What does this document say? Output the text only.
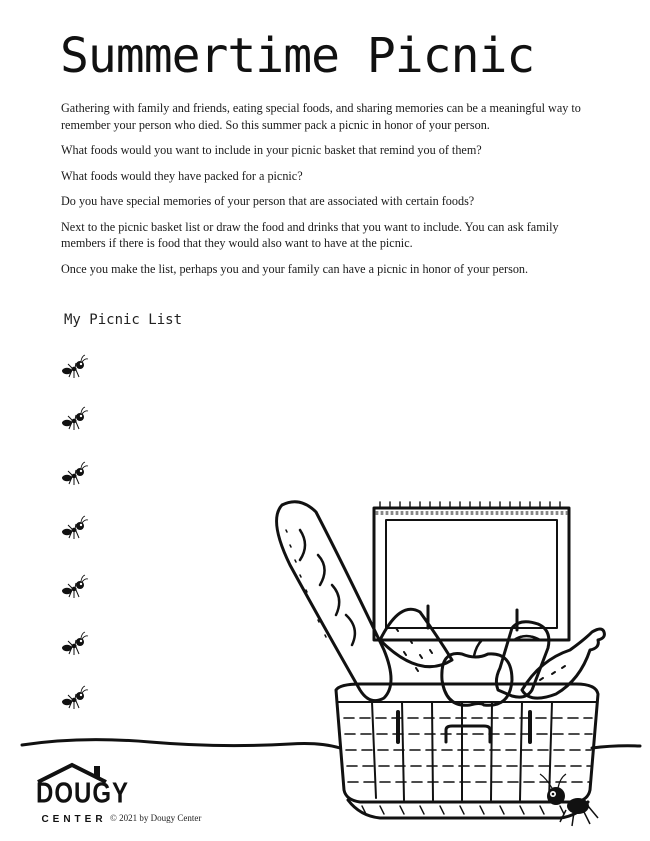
Summertime Picnic

Gathering with family and friends, eating special foods, and sharing memories can be a meaningful way to remember your person who died. So this summer pack a picnic in honor of your person.

What foods would you want to include in your picnic basket that remind you of them?

What foods would they have packed for a picnic?

Do you have special memories of your person that are associated with certain foods?

Next to the picnic basket list or draw the food and drinks that you want to include. You can ask family members if there is food that they would also want to have at the picnic.

Once you make the list, perhaps you and your family can have a picnic in honor of your person.

My Picnic List
DOUGY
CENTER © 2021 by Dougy Center
